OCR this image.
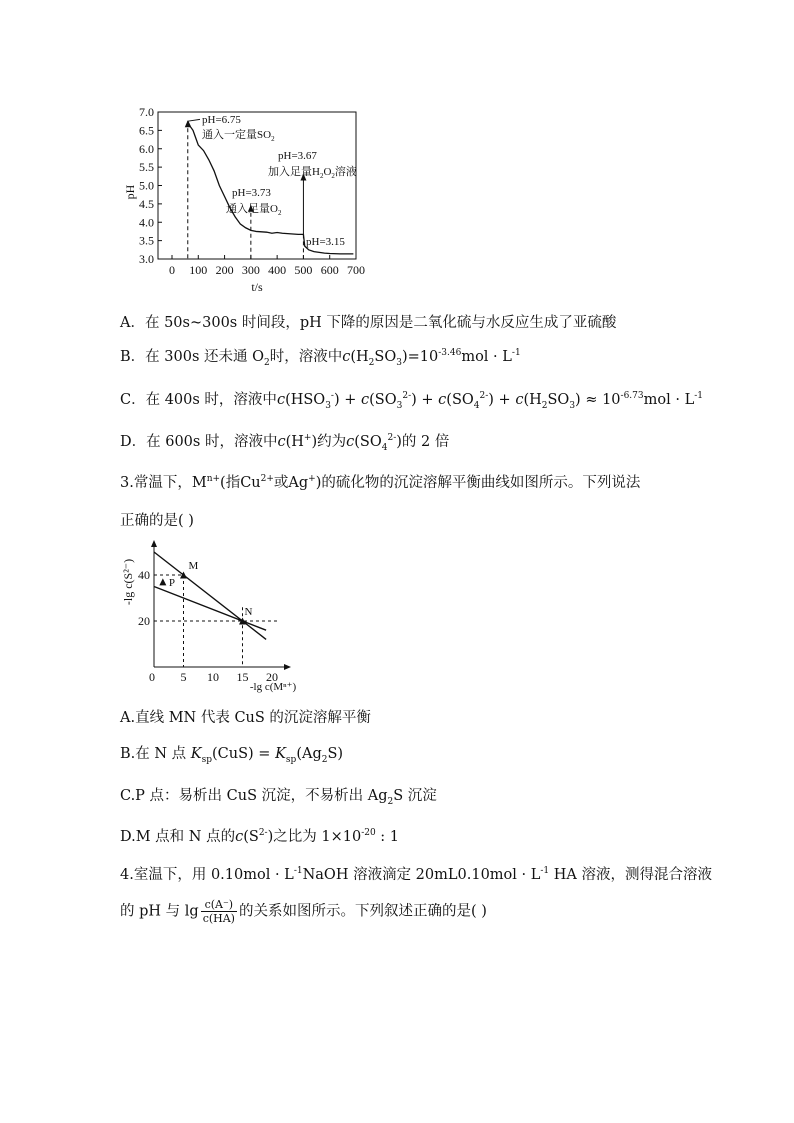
pH
7.0
6.5
6.0
5.5
5.0
4.5
4.0
3.5
3.0
0 100 200 300 400 500 600 700
t/s
pH=6.75
通入一定量$SO_2$
pH=3.73
通入足量$O_2$
pH=3.67
加入足量$H_2O_2$溶液
pH=3.15
A．在 50s~300s 时间段，pH 下降的原因是二氧化硫与水反应生成了亚硫酸
B．在 300s 还未通 $O_2$时，溶液中$c(H_2SO_3)=10^{-3.46}mol \cdot L^{-1}$
C．在 400s 时，溶液中$c(HSO_3^-) + c(SO_3^{2-}) + c(SO_4^{2-}) + c(H_2SO_3) \approx 10^{-6.73}mol \cdot L^{-1}$
D．在 600s 时，溶液中c(H+)约为$c(SO_4^{2-})$的 2 倍
3.常温下，$M^{n+}$(指$Cu^{2+}$或Ag+)的硫化物的沉淀溶解平衡曲线如图所示。下列说法
正确的是( )
-lg c(S²⁻) 40
20
0 5 10 15 20
-lg c(Mⁿ⁺)
M
N
P
A.直线 MN 代表 CuS 的沉淀溶解平衡
B.在 N 点 $K_{sp}(CuS) = K_{sp}(Ag_2S)$
C.P 点：易析出 CuS 沉淀，不易析出 $Ag_2S$ 沉淀
D.M 点和 N 点的$c(S^{2-})$之比为 $1\times 10^{-20}$ : 1
4.室温下，用 $0.10mol \cdot L^{-1}NaOH$ 溶液滴定 $20mL0.10mol \cdot L^{-1}$ HA 溶液，测得混合溶液
的 pH 与 $\lg \frac{c(A^-)}{c(HA)}$ 的关系如图所示。下列叙述正确的是( )
